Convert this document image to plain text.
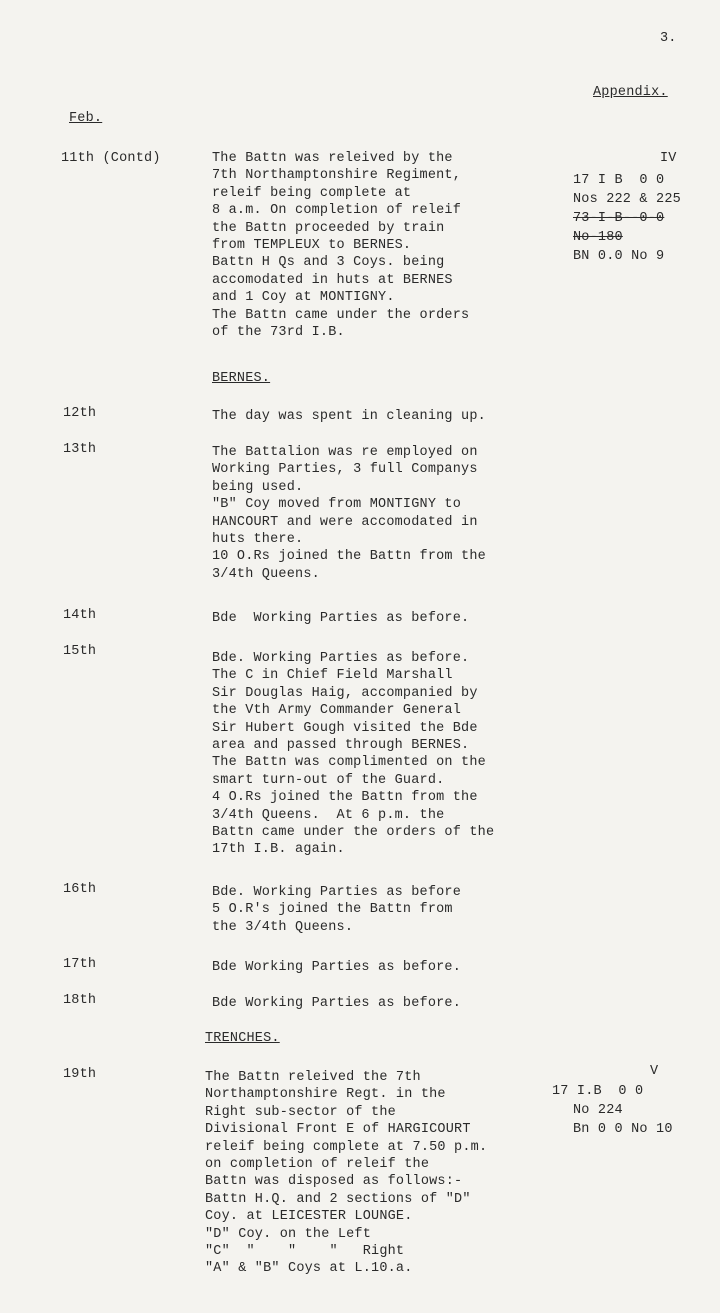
3.
Appendix.
Feb.
11th (Contd)	The Battn was releived by the
7th Northamptonshire Regiment,
releif being complete at
8 a.m. On completion of releif
the Battn proceeded by train
from TEMPLEUX to BERNES.
Battn H Qs and 3 Coys. being
accomodated in huts at BERNES
and 1 Coy at MONTIGNY.
The Battn came under the orders
of the 73rd I.B.
IV
17 I B  0 0
Nos 222 & 225
73-I-B--0-0
No-180
BN 0.0 No 9
BERNES.
12th	The day was spent in cleaning up.
13th	The Battalion was re employed on
Working Parties, 3 full Companys
being used.
"B" Coy moved from MONTIGNY to
HANCOURT and were accomodated in
huts there.
10 O.Rs joined the Battn from the
3/4th Queens.
14th	Bde  Working Parties as before.
15th	Bde. Working Parties as before.
The C in Chief Field Marshall
Sir Douglas Haig, accompanied by
the Vth Army Commander General
Sir Hubert Gough visited the Bde
area and passed through BERNES.
The Battn was complimented on the
smart turn-out of the Guard.
4 O.Rs joined the Battn from the
3/4th Queens.  At 6 p.m. the
Battn came under the orders of the
17th I.B. again.
16th	Bde. Working Parties as before
5 O.R's joined the Battn from
the 3/4th Queens.
17th	Bde Working Parties as before.
18th	Bde Working Parties as before.
TRENCHES.
19th	The Battn releived the 7th
Northamptonshire Regt. in the
Right sub-sector of the
Divisional Front E of HARGICOURT
releif being complete at 7.50 p.m.
on completion of releif the
Battn was disposed as follows:-
Battn H.Q. and 2 sections of "D"
Coy. at LEICESTER LOUNGE.
"D" Coy. on the Left
"C"  "    "    "   Right
"A" & "B" Coys at L.10.a.
V
17 I.B  0 0
No 224
Bn 0 0 No 10
